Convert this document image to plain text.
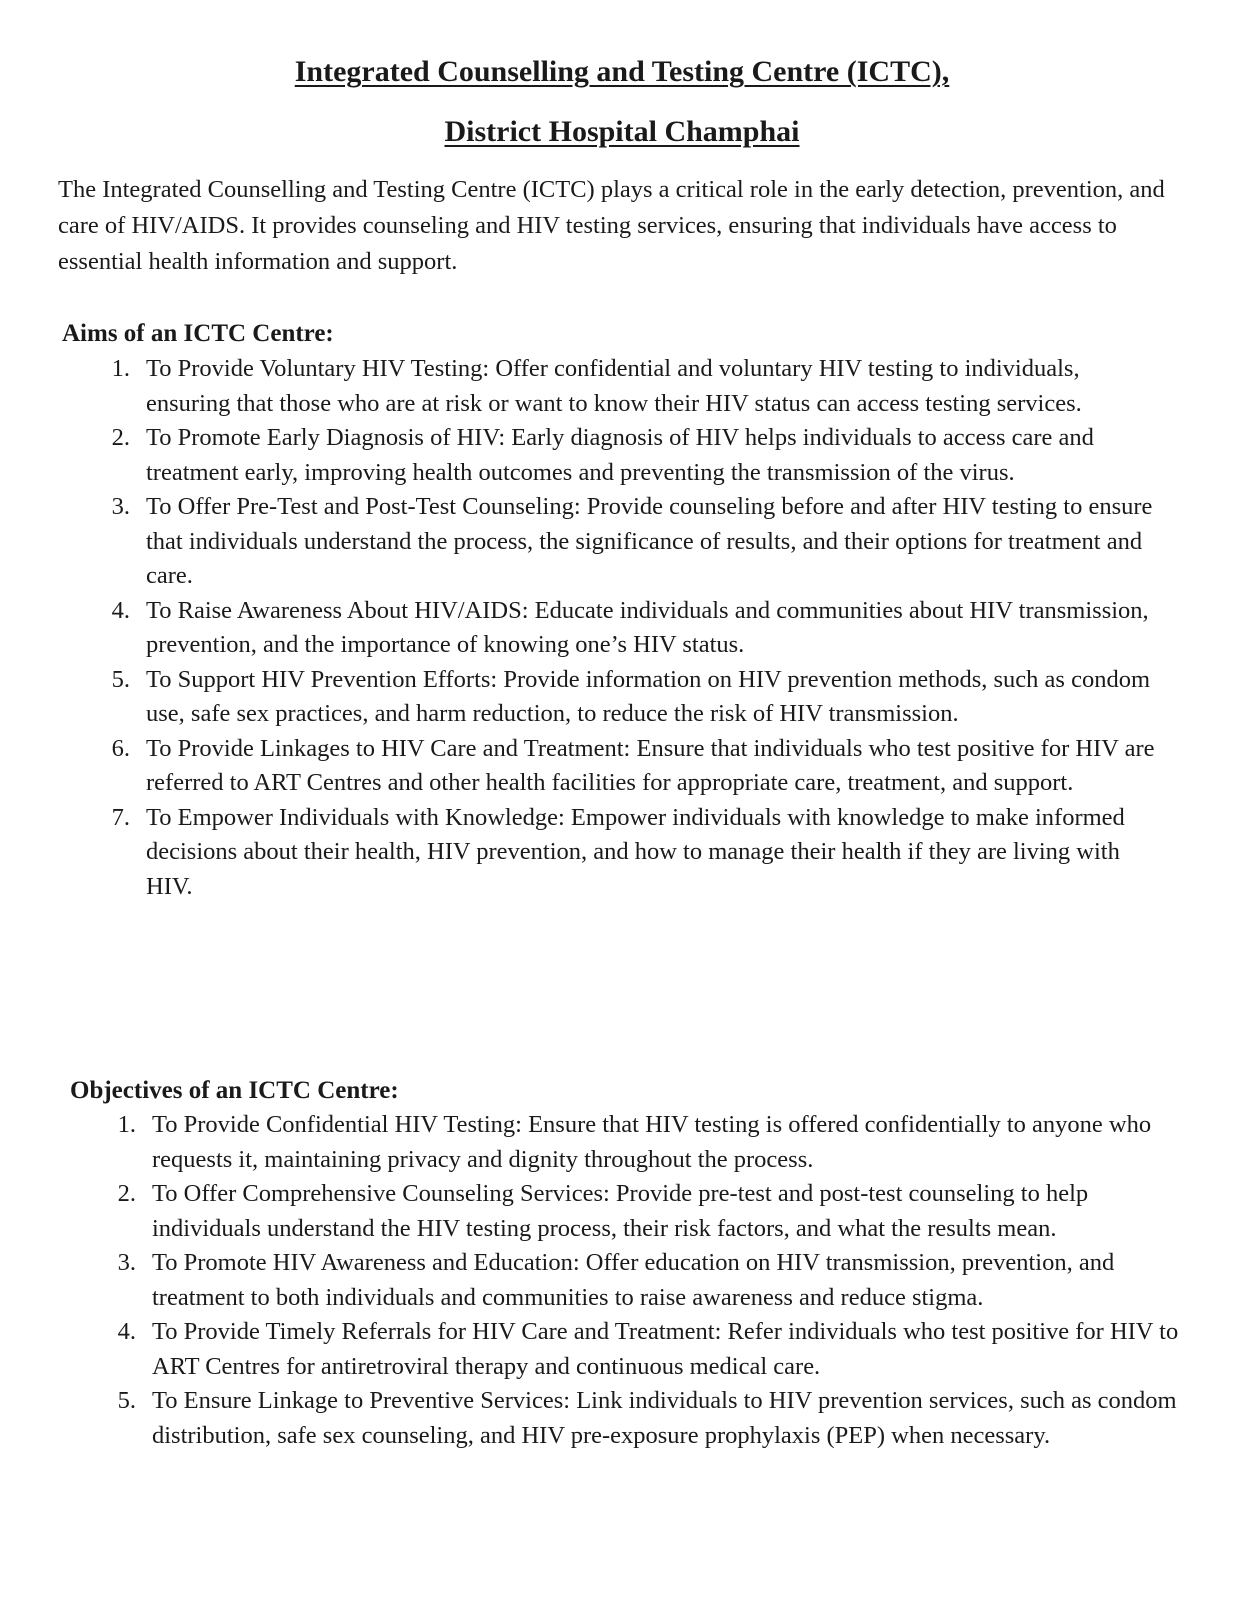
Integrated Counselling and Testing Centre (ICTC),
District Hospital Champhai

The Integrated Counselling and Testing Centre (ICTC) plays a critical role in the early detection, prevention, and care of HIV/AIDS. It provides counseling and HIV testing services, ensuring that individuals have access to essential health information and support.

Aims of an ICTC Centre:
1. To Provide Voluntary HIV Testing: Offer confidential and voluntary HIV testing to individuals, ensuring that those who are at risk or want to know their HIV status can access testing services.
2. To Promote Early Diagnosis of HIV: Early diagnosis of HIV helps individuals to access care and treatment early, improving health outcomes and preventing the transmission of the virus.
3. To Offer Pre-Test and Post-Test Counseling: Provide counseling before and after HIV testing to ensure that individuals understand the process, the significance of results, and their options for treatment and care.
4. To Raise Awareness About HIV/AIDS: Educate individuals and communities about HIV transmission, prevention, and the importance of knowing one’s HIV status.
5. To Support HIV Prevention Efforts: Provide information on HIV prevention methods, such as condom use, safe sex practices, and harm reduction, to reduce the risk of HIV transmission.
6. To Provide Linkages to HIV Care and Treatment: Ensure that individuals who test positive for HIV are referred to ART Centres and other health facilities for appropriate care, treatment, and support.
7. To Empower Individuals with Knowledge: Empower individuals with knowledge to make informed decisions about their health, HIV prevention, and how to manage their health if they are living with HIV.
Objectives of an ICTC Centre:
1. To Provide Confidential HIV Testing: Ensure that HIV testing is offered confidentially to anyone who requests it, maintaining privacy and dignity throughout the process.
2. To Offer Comprehensive Counseling Services: Provide pre-test and post-test counseling to help individuals understand the HIV testing process, their risk factors, and what the results mean.
3. To Promote HIV Awareness and Education: Offer education on HIV transmission, prevention, and treatment to both individuals and communities to raise awareness and reduce stigma.
4. To Provide Timely Referrals for HIV Care and Treatment: Refer individuals who test positive for HIV to ART Centres for antiretroviral therapy and continuous medical care.
5. To Ensure Linkage to Preventive Services: Link individuals to HIV prevention services, such as condom distribution, safe sex counseling, and HIV pre-exposure prophylaxis (PEP) when necessary.
